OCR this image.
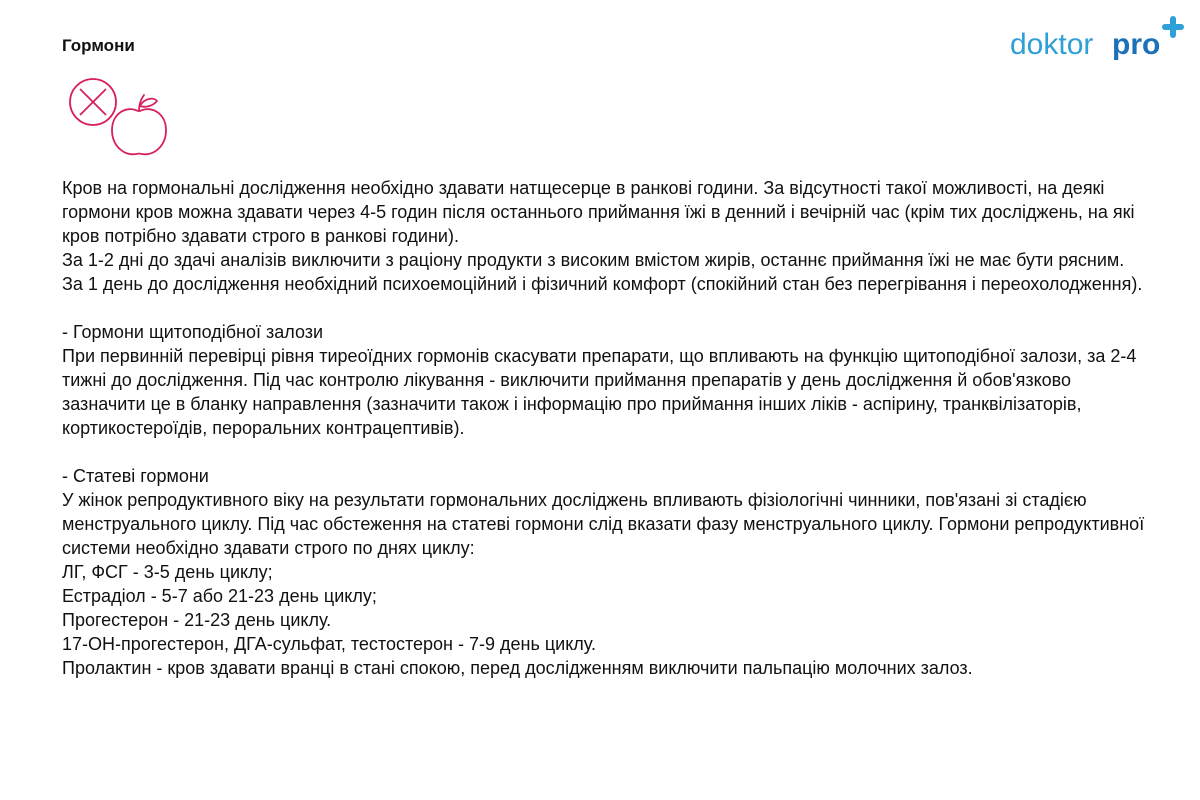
Гормони	doktor pro

Кров на гормональні дослідження необхідно здавати натщесерце в ранкові години. За відсутності такої можливості, на деякі гормони кров можна здавати через 4-5 годин після останнього приймання їжі в денний і вечірній час (крім тих досліджень, на які кров потрібно здавати строго в ранкові години).

За 1-2 дні до здачі аналізів виключити з раціону продукти з високим вмістом жирів, останнє приймання їжі не має бути рясним. За 1 день до дослідження необхідний психоемоційний і фізичний комфорт (спокійний стан без перегрівання і переохолодження).

- Гормони щитоподібної залози

При первинній перевірці рівня тиреоїдних гормонів скасувати препарати, що впливають на функцію щитоподібної залози, за 2-4 тижні до дослідження. Під час контролю лікування - виключити приймання препаратів у день дослідження й обов'язково зазначити це в бланку направлення (зазначити також і інформацію про приймання інших ліків - аспірину, транквілізаторів, кортикостероїдів, пероральних контрацептивів).

- Статеві гормони

У жінок репродуктивного віку на результати гормональних досліджень впливають фізіологічні чинники, пов'язані зі стадією менструального циклу. Під час обстеження на статеві гормони слід вказати фазу менструального циклу. Гормони репродуктивної системи необхідно здавати строго по днях циклу:

ЛГ, ФСГ - 3-5 день циклу;

Естрадіол - 5-7 або 21-23 день циклу;

Прогестерон - 21-23 день циклу.

17-ОН-прогестерон, ДГА-сульфат, тестостерон - 7-9 день циклу.

Пролактин - кров здавати вранці в стані спокою, перед дослідженням виключити пальпацію молочних залоз.
